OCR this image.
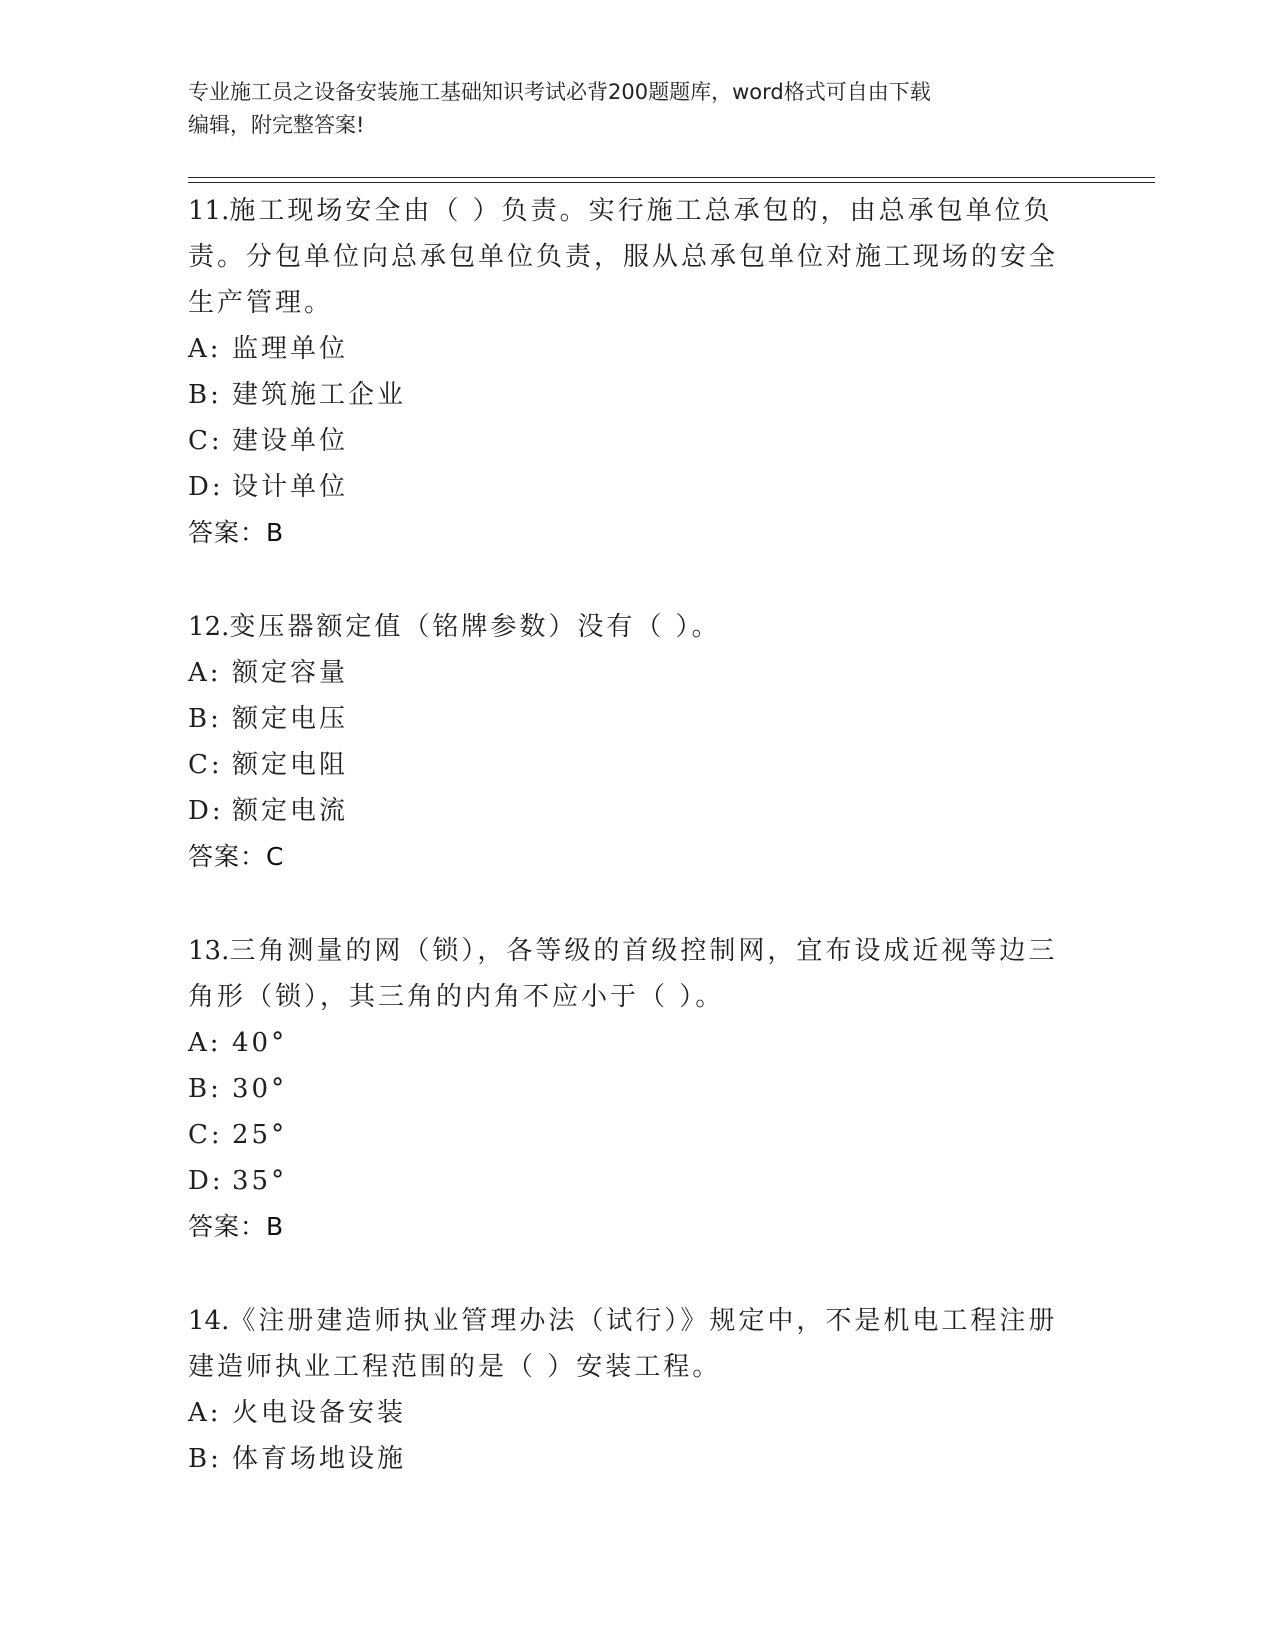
专业施工员之设备安装施工基础知识考试必背200题题库，word格式可自由下载
编辑，附完整答案!
11.施工现场安全由（ ）负责。实行施工总承包的，由总承包单位负
责。分包单位向总承包单位负责，服从总承包单位对施工现场的安全
生产管理。
A: 监理单位
B: 建筑施工企业
C: 建设单位
D: 设计单位
答案：B
12.变压器额定值（铭牌参数）没有（ ）。
A: 额定容量
B: 额定电压
C: 额定电阻
D: 额定电流
答案：C
13.三角测量的网（锁），各等级的首级控制网，宜布设成近视等边三
角形（锁），其三角的内角不应小于（ ）。
A: 40°
B: 30°
C: 25°
D: 35°
答案：B
14.《注册建造师执业管理办法（试行）》规定中，不是机电工程注册
建造师执业工程范围的是（ ）安装工程。
A: 火电设备安装
B: 体育场地设施
